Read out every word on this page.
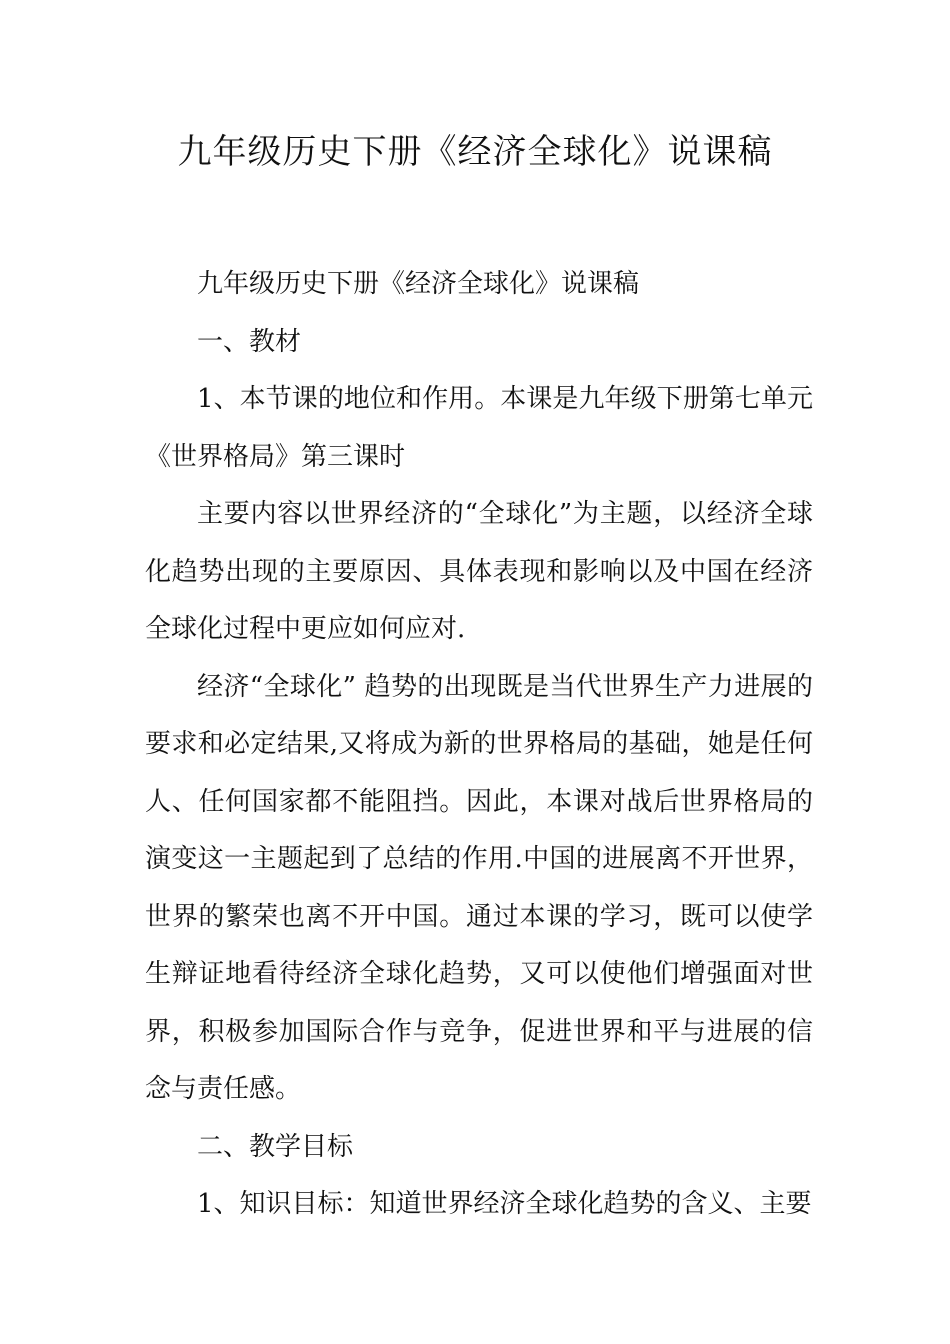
九年级历史下册《经济全球化》说课稿

九年级历史下册《经济全球化》说课稿

一、教材

1、本节课的地位和作用。本课是九年级下册第七单元《世界格局》第三课时

主要内容以世界经济的“全球化”为主题，以经济全球化趋势出现的主要原因、具体表现和影响以及中国在经济全球化过程中更应如何应对.

经济“全球化” 趋势的出现既是当代世界生产力进展的要求和必定结果,又将成为新的世界格局的基础，她是任何人、任何国家都不能阻挡。因此，本课对战后世界格局的演变这一主题起到了总结的作用.中国的进展离不开世界，世界的繁荣也离不开中国。通过本课的学习，既可以使学生辩证地看待经济全球化趋势，又可以使他们增强面对世界，积极参加国际合作与竞争，促进世界和平与进展的信念与责任感。

二、教学目标

1、知识目标：知道世界经济全球化趋势的含义、主要
